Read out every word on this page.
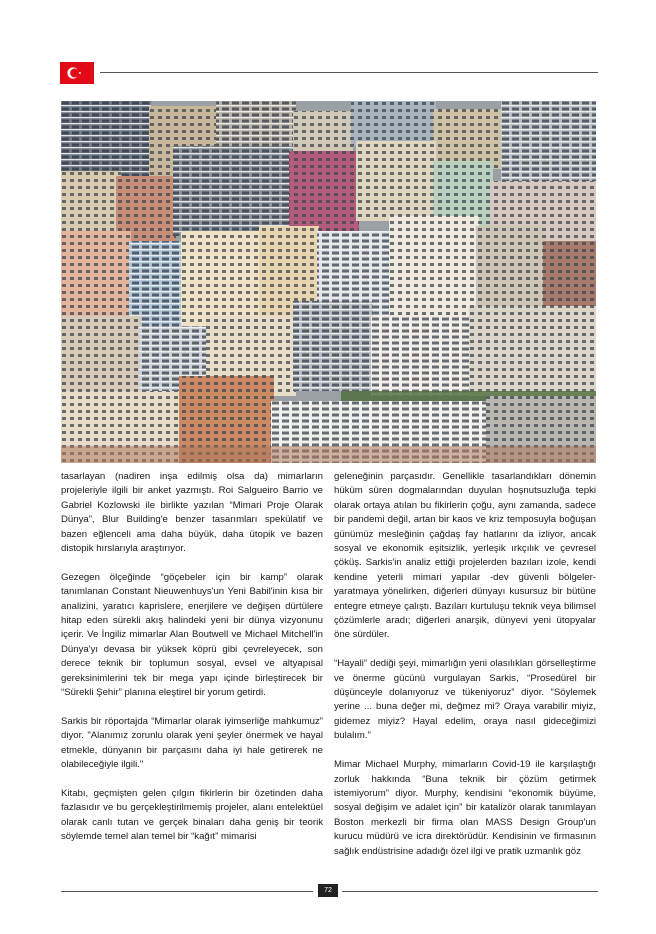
tasarlayan (nadiren inşa edilmiş olsa da) mimarların projeleriyle ilgili bir anket yazmıştı. Roi Salgueiro Barrio ve Gabriel Kozlowski ile birlikte yazılan “Mimari Proje Olarak Dünya”, Blur Building'e benzer tasarımları spekülatif ve bazen eğlenceli ama daha büyük, daha ütopik ve bazen distopik hırslarıyla araştırıyor.

Gezegen ölçeğinde “göçebeler için bir kamp” olarak tanımlanan Constant Nieuwenhuys'un Yeni Babil'inin kısa bir analizini, yaratıcı kaprislere, enerjilere ve değişen dürtülere hitap eden sürekli akış halindeki yeni bir dünya vizyonunu içerir. Ve İngiliz mimarlar Alan Boutwell ve Michael Mitchell'in Dünya'yı devasa bir yüksek köprü gibi çevreleyecek, son derece teknik bir toplumun sosyal, evsel ve altyapısal gereksinimlerini tek bir mega yapı içinde birleştirecek bir “Sürekli Şehir” planına eleştirel bir yorum getirdi.

Sarkis bir röportajda “Mimarlar olarak iyimserliğe mahkumuz” diyor. "Alanımız zorunlu olarak yeni şeyler önermek ve hayal etmekle, dünyanın bir parçasını daha iyi hale getirerek ne olabileceğiyle ilgili."

Kitabı, geçmişten gelen çılgın fikirlerin bir özetinden daha fazlasıdır ve bu gerçekleştirilmemiş projeler, alanı entelektüel olarak canlı tutan ve gerçek binaları daha geniş bir teorik söylemde temel alan temel bir “kağıt” mimarisi

geleneğinin parçasıdır. Genellikle tasarlandıkları dönemin hüküm süren dogmalarından duyulan hoşnutsuzluğa tepki olarak ortaya atılan bu fikirlerin çoğu, aynı zamanda, sadece bir pandemi değil, artan bir kaos ve kriz temposuyla boğuşan günümüz mesleğinin çağdaş fay hatlarını da izliyor, ancak sosyal ve ekonomik eşitsizlik, yerleşik ırkçılık ve çevresel çöküş. Sarkis'in analiz ettiği projelerden bazıları izole, kendi kendine yeterli mimari yapılar -dev güvenli bölgeler- yaratmaya yönelirken, diğerleri dünyayı kusursuz bir bütüne entegre etmeye çalıştı. Bazıları kurtuluşu teknik veya bilimsel çözümlerle aradı; diğerleri anarşik, dünyevi yeni ütopyalar öne sürdüler.

“Hayali” dediği şeyi, mimarlığın yeni olasılıkları görselleştirme ve önerme gücünü vurgulayan Sarkis, “Prosedürel bir düşünceyle dolanıyoruz ve tükeniyoruz” diyor. “Söylemek yerine ... buna değer mi, değmez mi? Oraya varabilir miyiz, gidemez miyiz? Hayal edelim, oraya nasıl gideceğimizi bulalım.”

Mimar Michael Murphy, mimarların Covid-19 ile karşılaştığı zorluk hakkında “Buna teknik bir çözüm getirmek istemiyorum” diyor. Murphy, kendisini “ekonomik büyüme, sosyal değişim ve adalet için” bir katalizör olarak tanımlayan Boston merkezli bir firma olan MASS Design Group'un kurucu müdürü ve icra direktörüdür. Kendisinin ve firmasının sağlık endüstrisine adadığı özel ilgi ve pratik uzmanlık göz

72
